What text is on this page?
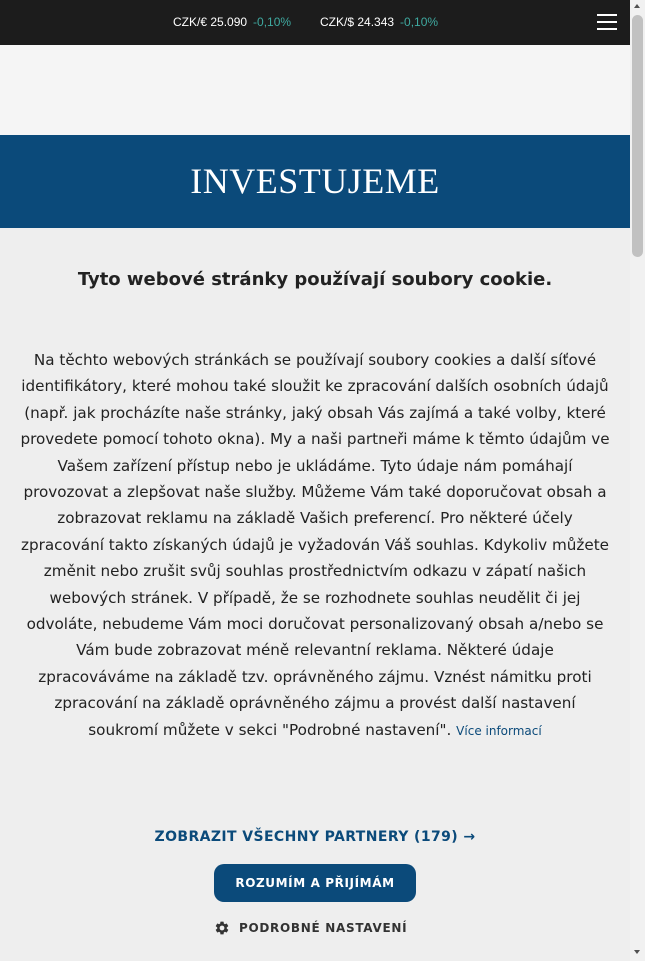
CZK/€ 25.090 -0,10% CZK/$ 24.343 -0,10%
INVESTUJEME
Tyto webové stránky používají soubory cookie.
Na těchto webových stránkách se používají soubory cookies a další síťové identifikátory, které mohou také sloužit ke zpracování dalších osobních údajů (např. jak procházíte naše stránky, jaký obsah Vás zajímá a také volby, které provedete pomocí tohoto okna). My a naši partneři máme k těmto údajům ve Vašem zařízení přístup nebo je ukládáme. Tyto údaje nám pomáhají provozovat a zlepšovat naše služby. Můžeme Vám také doporučovat obsah a zobrazovat reklamu na základě Vašich preferencí. Pro některé účely zpracování takto získaných údajů je vyžadován Váš souhlas. Kdykoliv můžete změnit nebo zrušit svůj souhlas prostřednictvím odkazu v zápatí našich webových stránek. V případě, že se rozhodnete souhlas neudělit či jej odvoláte, nebudeme Vám moci doručovat personalizovaný obsah a/nebo se Vám bude zobrazovat méně relevantní reklama. Některé údaje zpracováváme na základě tzv. oprávněného zájmu. Vznést námitku proti zpracování na základě oprávněného zájmu a provést další nastavení soukromí můžete v sekci "Podrobné nastavení". Více informací
ZOBRAZIT VŠECHNY PARTNERY (179) →
ROZUMÍM A PŘIJÍMÁM
PODROBNÉ NASTAVENÍ
